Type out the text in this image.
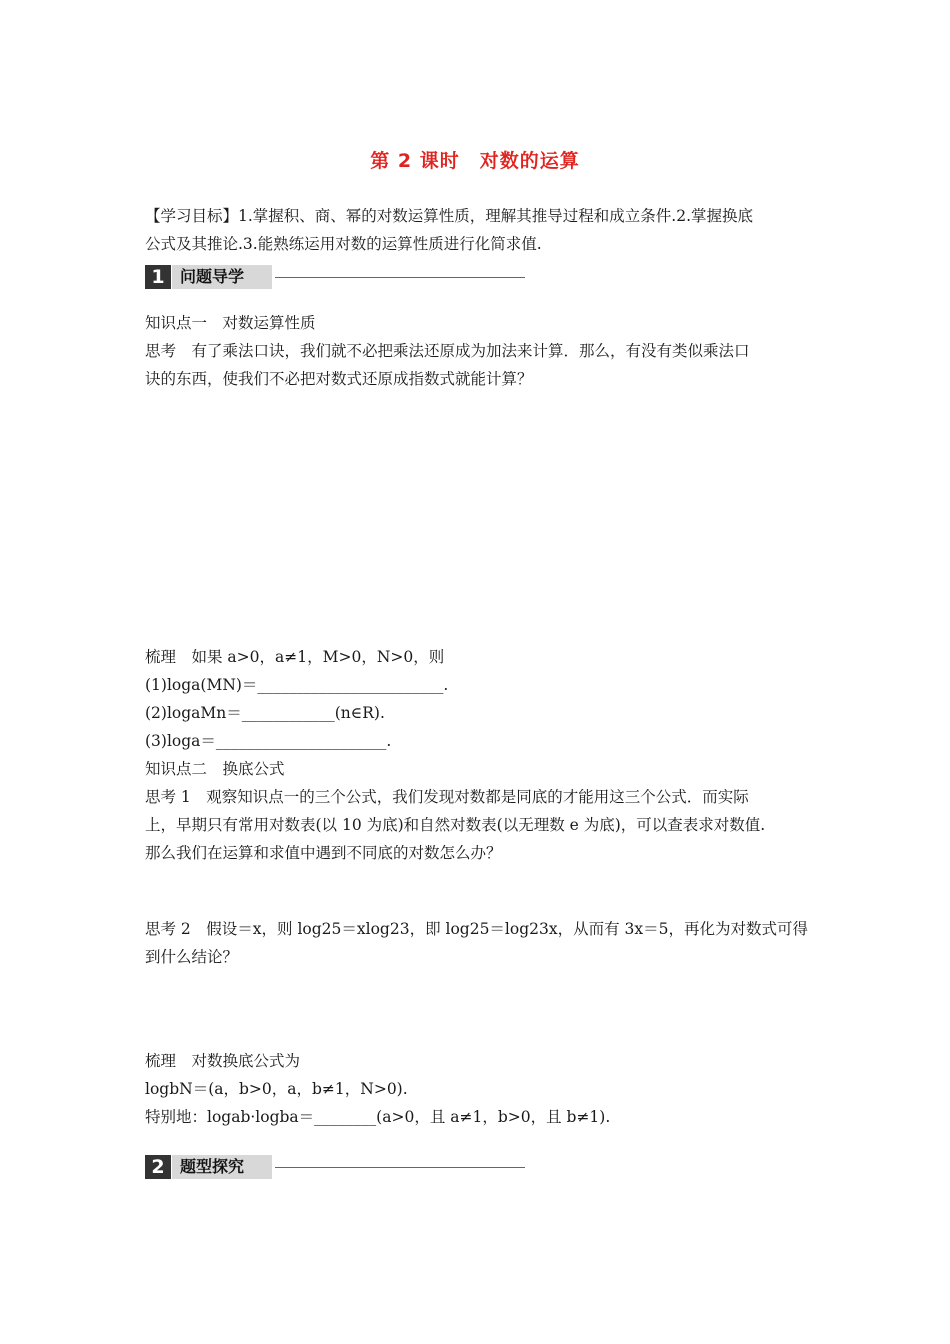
第 2 课时　对数的运算
【学习目标】1.掌握积、商、幂的对数运算性质，理解其推导过程和成立条件.2.掌握换底
公式及其推论.3.能熟练运用对数的运算性质进行化简求值.
1 问题导学
知识点一　对数运算性质
思考　有了乘法口诀，我们就不必把乘法还原成为加法来计算．那么，有没有类似乘法口
诀的东西，使我们不必把对数式还原成指数式就能计算？
梳理　如果 a>0，a≠1，M>0，N>0，则
(1)loga(MN)＝________________________.
(2)logaMn＝____________(n∈R).
(3)loga＝______________________.
知识点二　换底公式
思考 1　观察知识点一的三个公式，我们发现对数都是同底的才能用这三个公式．而实际
上，早期只有常用对数表(以 10 为底)和自然对数表(以无理数 e 为底)，可以查表求对数值.
那么我们在运算和求值中遇到不同底的对数怎么办？
思考 2　假设＝x，则 log25＝xlog23，即 log25＝log23x，从而有 3x＝5，再化为对数式可得
到什么结论？
梳理　对数换底公式为
logbN＝(a，b>0，a，b≠1，N>0).
特别地：logab·logba＝________(a>0，且 a≠1，b>0，且 b≠1).
2 题型探究
